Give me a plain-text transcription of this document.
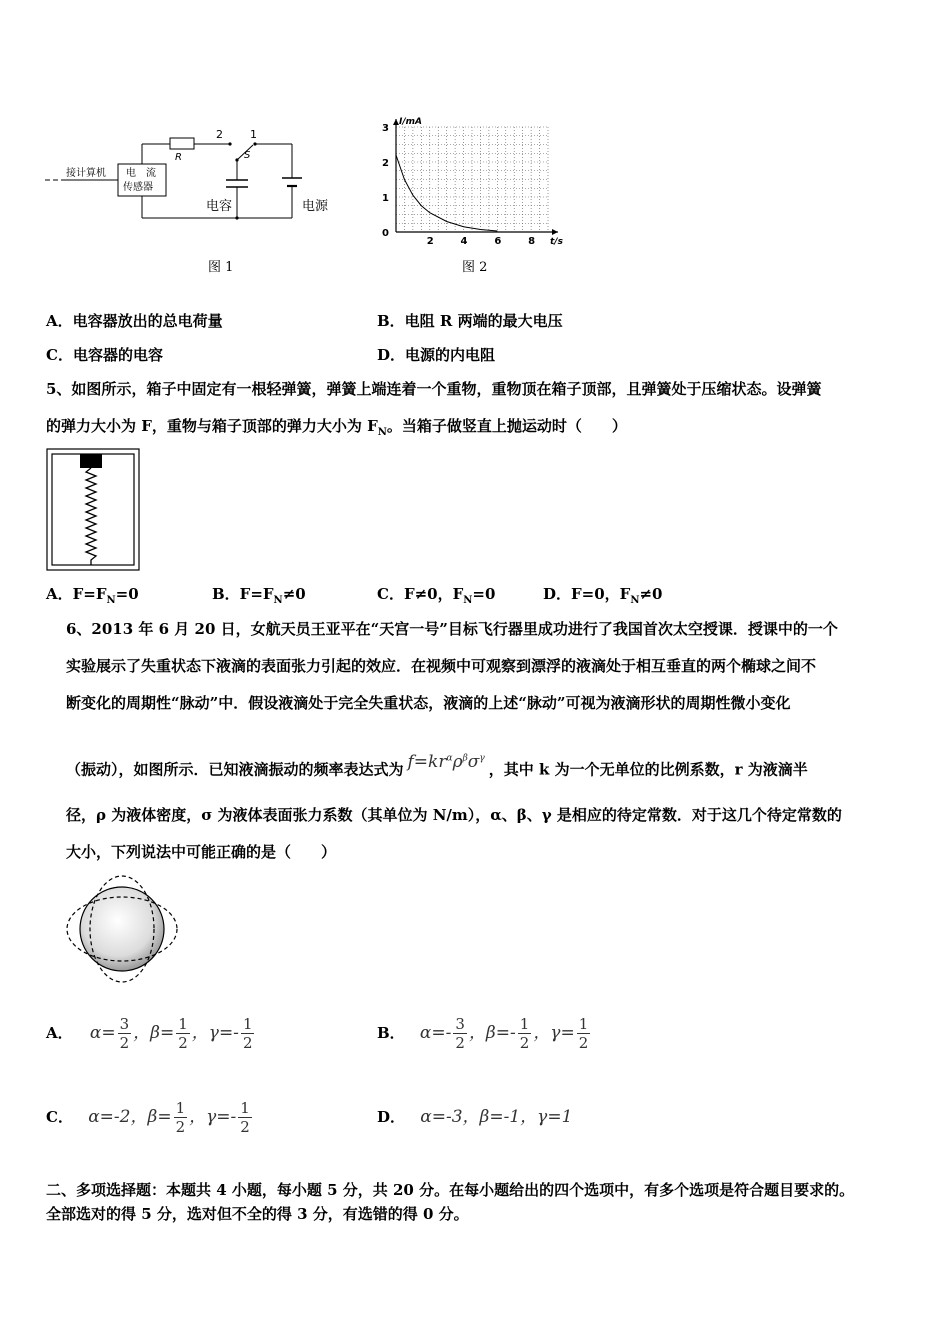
接计算机 电　流
传感器
R
2 1
S
电容	电源
图 1
2	4	6	8
0
1
2
3
I/mA
t/s
图 2
A．电容器放出的总电荷量	B．电阻 R 两端的最大电压
C．电容器的电容	D．电源的内电阻
5、如图所示，箱子中固定有一根轻弹簧，弹簧上端连着一个重物，重物顶在箱子顶部，且弹簧处于压缩状态。设弹簧
的弹力大小为 F，重物与箱子顶部的弹力大小为 $F_N$。当箱子做竖直上抛运动时（　　）
A．$F=F_N=0$	B．$F=F_N\ne 0$	C．F≠0，$F_N=0$	D．F=0，$F_N\ne 0$
6、2013 年 6 月 20 日，女航天员王亚平在“天宫一号”目标飞行器里成功进行了我国首次太空授课．授课中的一个
实验展示了失重状态下液滴的表面张力引起的效应．在视频中可观察到漂浮的液滴处于相互垂直的两个椭球之间不
断变化的周期性“脉动”中．假设液滴处于完全失重状态，液滴的上述“脉动”可视为液滴形状的周期性微小变化
（振动），如图所示．已知液滴振动的频率表达式为 $f=kr^\alpha\rho^\beta\sigma^\gamma$，其中 k 为一个无单位的比例系数，r 为液滴半
径，ρ 为液体密度，σ 为液体表面张力系数（其单位为 N/m），α、β、γ 是相应的待定常数．对于这几个待定常数的
大小，下列说法中可能正确的是（　　）
A． $\alpha= \frac{3}{2}$ ，$\beta= \frac{1}{2}$ ，$\gamma=- \frac{1}{2}$	B． $\alpha=- \frac{3}{2}$ ，$\beta=- \frac{1}{2}$ ，$\gamma= \frac{1}{2}$
C． α=-2，$\beta= \frac{1}{2}$ ，$\gamma=- \frac{1}{2}$	D． α=-3，β=-1，γ=1
二、多项选择题：本题共 4 小题，每小题 5 分，共 20 分。在每小题给出的四个选项中，有多个选项是符合题目要求的。
全部选对的得 5 分，选对但不全的得 3 分，有选错的得 0 分。
